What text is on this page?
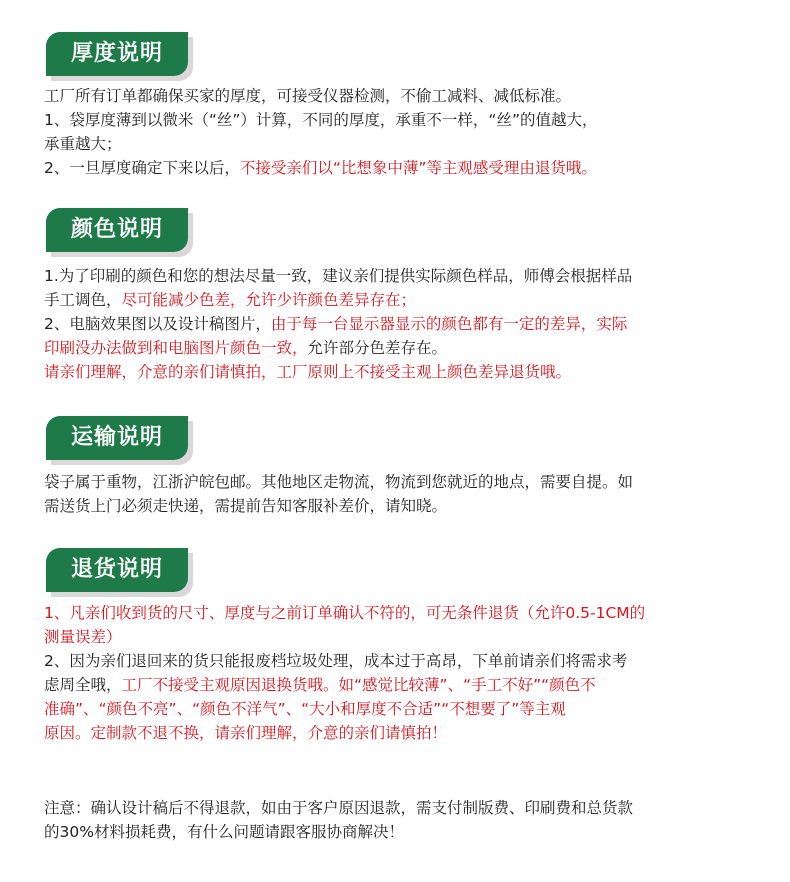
厚度说明
工厂所有订单都确保买家的厚度，可接受仪器检测，不偷工减料、减低标准。
1、袋厚度薄到以微米（“丝”）计算，不同的厚度，承重不一样，“丝”的值越大，
承重越大；
2、一旦厚度确定下来以后，不接受亲们以“比想象中薄”等主观感受理由退货哦。
颜色说明
1.为了印刷的颜色和您的想法尽量一致，建议亲们提供实际颜色样品，师傅会根据样品
手工调色，尽可能减少色差，允许少许颜色差异存在；
2、电脑效果图以及设计稿图片，由于每一台显示器显示的颜色都有一定的差异，实际
印刷没办法做到和电脑图片颜色一致，允许部分色差存在。
请亲们理解，介意的亲们请慎拍，工厂原则上不接受主观上颜色差异退货哦。
运输说明
袋子属于重物，江浙沪皖包邮。其他地区走物流，物流到您就近的地点，需要自提。如
需送货上门必须走快递，需提前告知客服补差价，请知晓。
退货说明
1、凡亲们收到货的尺寸、厚度与之前订单确认不符的，可无条件退货（允许0.5-1CM的
测量误差）
2、因为亲们退回来的货只能报废档垃圾处理，成本过于高昂，下单前请亲们将需求考
虑周全哦，工厂不接受主观原因退换货哦。如“感觉比较薄”、“手工不好”“颜色不
准确”、“颜色不亮”、“颜色不洋气”、“大小和厚度不合适”“不想要了”等主观
原因。定制款不退不换，请亲们理解，介意的亲们请慎拍！
注意：确认设计稿后不得退款，如由于客户原因退款，需支付制版费、印刷费和总货款
的30%材料损耗费，有什么问题请跟客服协商解决！
